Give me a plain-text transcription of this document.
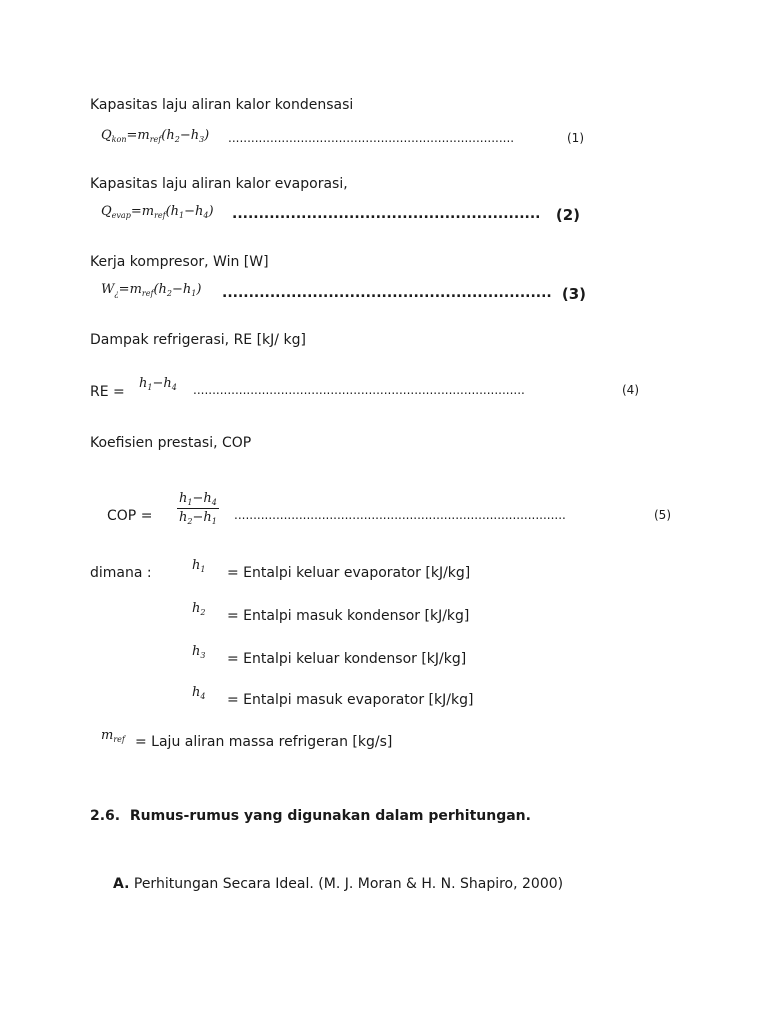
Kapasitas laju aliran kalor kondensasi
$Q_{kon}=m_{ref}(h_2-h_3)$ ...........................................................................	(1)
Kapasitas laju aliran kalor evaporasi,
$Q_{evap}=m_{ref}(h_1-h_4)$ ..........................................................	(2)
Kerja kompresor, Win [W]
$W_¿=m_{ref}(h_2-h_1)$ .............................................................. (3)
Dampak refrigerasi, RE [kJ/ kg]
RE =
$h_1-h_4$ .......................................................................................	(4)
Koefisien prestasi, COP
COP = $\frac{h_1-h_4}{h_2-h_1}$ .......................................................................................	(5)
dimana :	$h_1$ = Entalpi keluar evaporator [kJ/kg]
$h_2$ = Entalpi masuk kondensor [kJ/kg]
$h_3$ = Entalpi keluar kondensor [kJ/kg]
$h_4$ = Entalpi masuk evaporator [kJ/kg]
$m_{ref}$ = Laju aliran massa refrigeran [kg/s]
2.6. Rumus-rumus yang digunakan dalam perhitungan.
A. Perhitungan Secara Ideal. (M. J. Moran & H. N. Shapiro, 2000)
